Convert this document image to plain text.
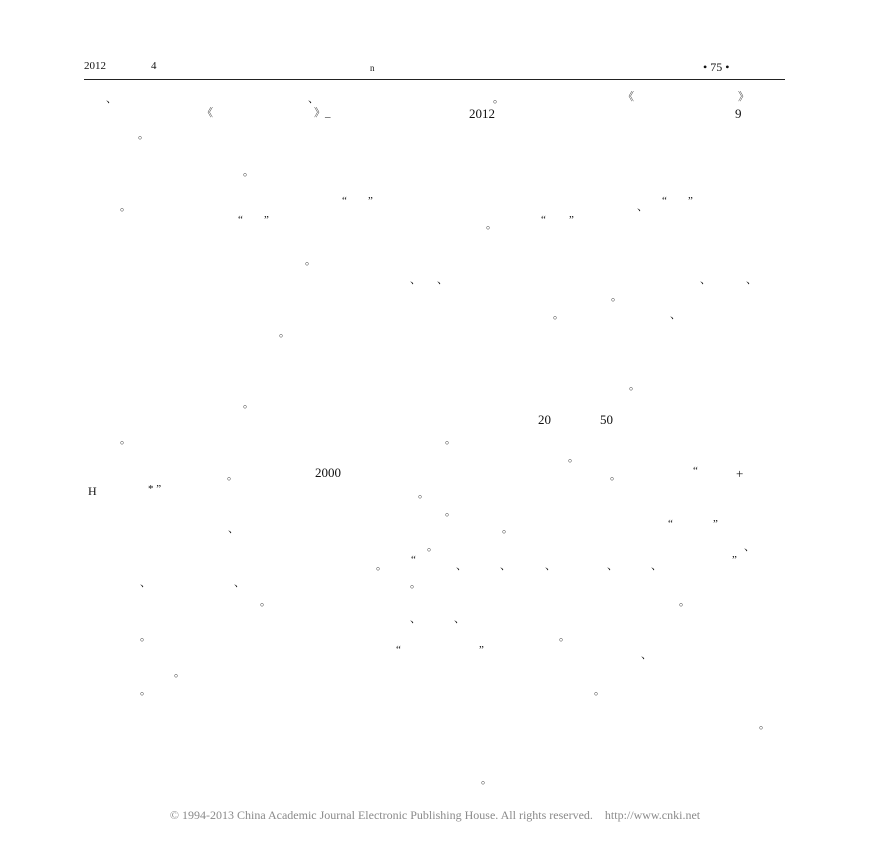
2012	4	n	• 75 •
、	、	。	《	》
《	》_	2012	9
。
。
。	“ ”	、 “ ”
“ ”	。	“ ”
。
、 、	、	、
。
。	、
。
。
。
20	50
。	。
。
。	2000	。	“	+
H	* ”	。
。
、	。	“	”
、
。
。 “	、	、	、	、	、	”
、	、	。
。	。
、	、
。	。
“	”	、
。
。	。
。
。
© 1994-2013 China Academic Journal Electronic Publishing House. All rights reserved.    http://www.cnki.net
